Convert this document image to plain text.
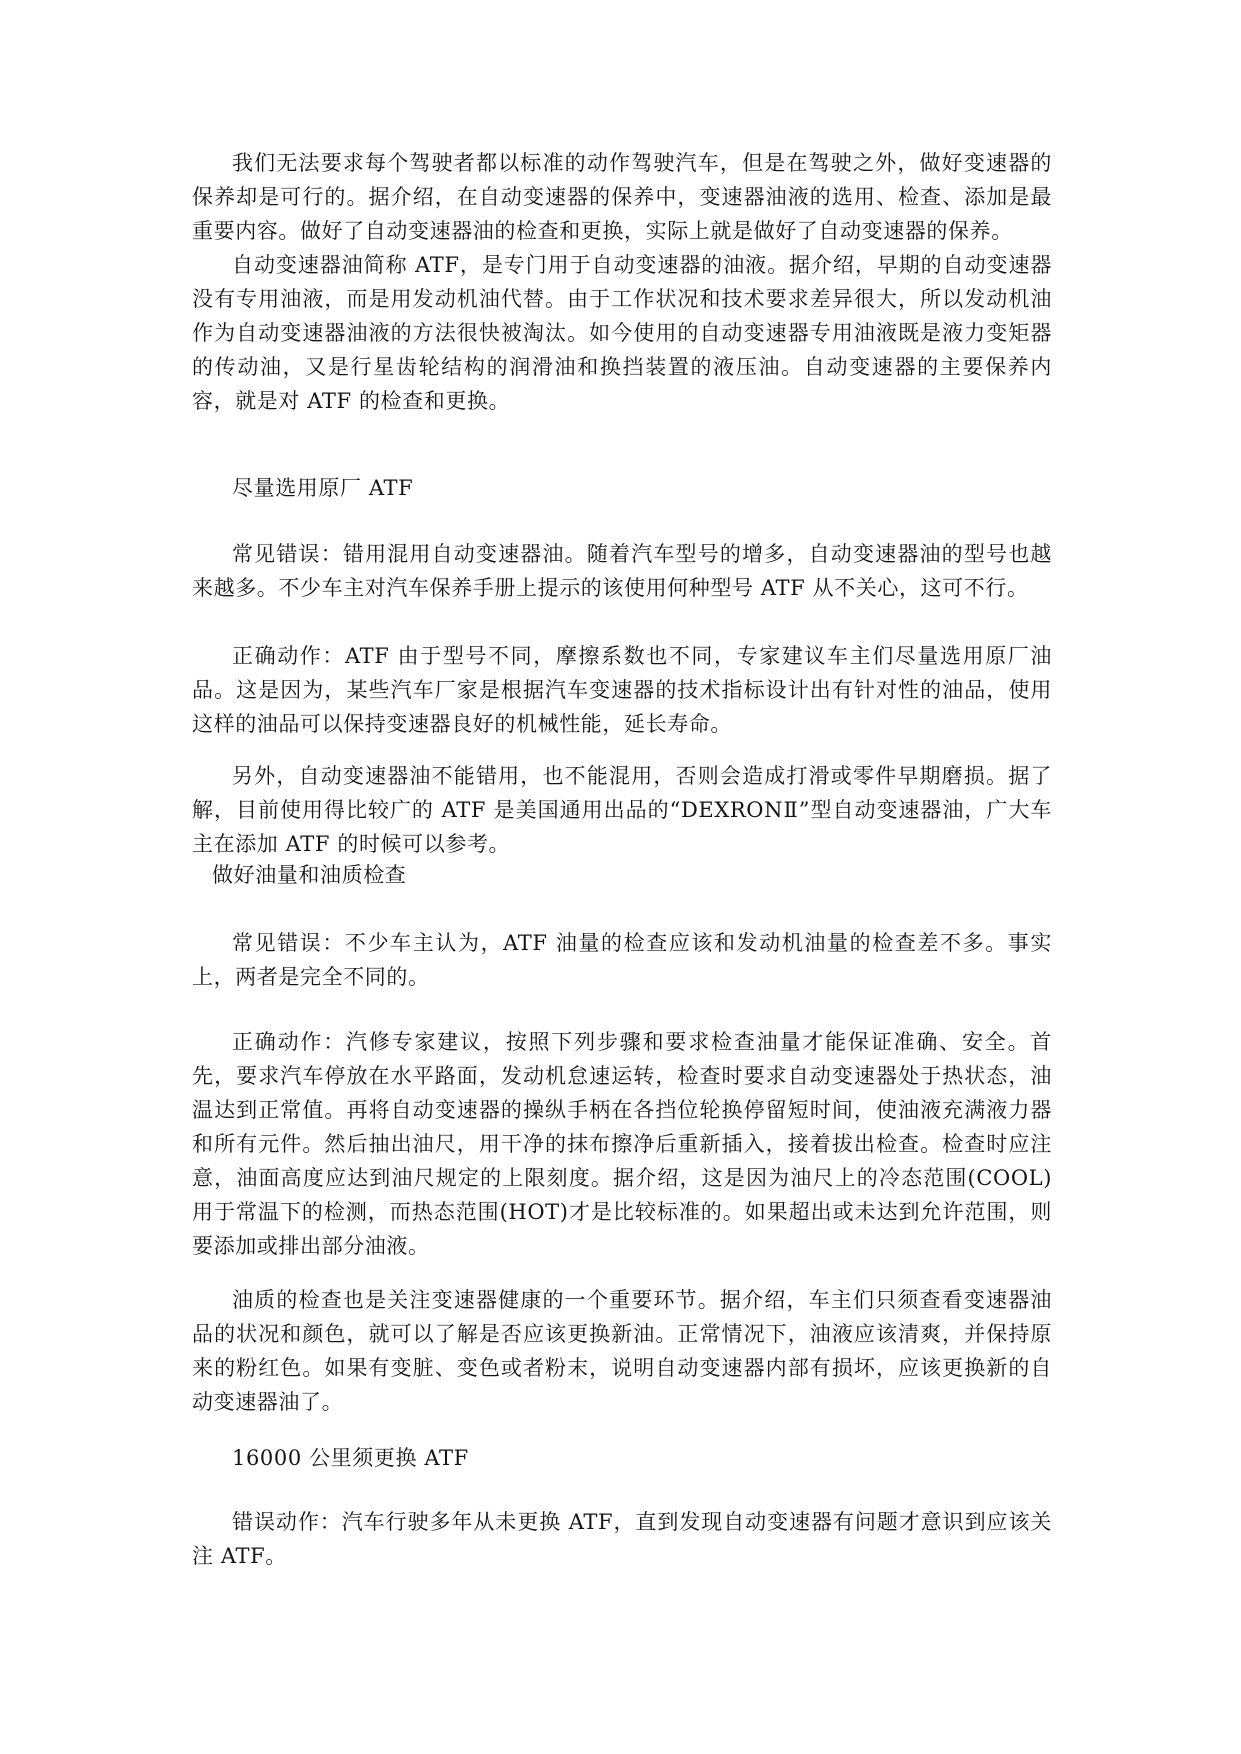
我们无法要求每个驾驶者都以标准的动作驾驶汽车，但是在驾驶之外，做好变速器的保养却是可行的。据介绍，在自动变速器的保养中，变速器油液的选用、检查、添加是最重要内容。做好了自动变速器油的检查和更换，实际上就是做好了自动变速器的保养。

自动变速器油简称 ATF，是专门用于自动变速器的油液。据介绍，早期的自动变速器没有专用油液，而是用发动机油代替。由于工作状况和技术要求差异很大，所以发动机油作为自动变速器油液的方法很快被淘汰。如今使用的自动变速器专用油液既是液力变矩器的传动油，又是行星齿轮结构的润滑油和换挡装置的液压油。自动变速器的主要保养内容，就是对 ATF 的检查和更换。

尽量选用原厂 ATF

常见错误：错用混用自动变速器油。随着汽车型号的增多，自动变速器油的型号也越来越多。不少车主对汽车保养手册上提示的该使用何种型号 ATF 从不关心，这可不行。

正确动作：ATF 由于型号不同，摩擦系数也不同，专家建议车主们尽量选用原厂油品。这是因为，某些汽车厂家是根据汽车变速器的技术指标设计出有针对性的油品，使用这样的油品可以保持变速器良好的机械性能，延长寿命。

另外，自动变速器油不能错用，也不能混用，否则会造成打滑或零件早期磨损。据了解，目前使用得比较广的 ATF 是美国通用出品的“DEXRONⅡ”型自动变速器油，广大车主在添加 ATF 的时候可以参考。

做好油量和油质检查

常见错误：不少车主认为，ATF 油量的检查应该和发动机油量的检查差不多。事实上，两者是完全不同的。

正确动作：汽修专家建议，按照下列步骤和要求检查油量才能保证准确、安全。首先，要求汽车停放在水平路面，发动机怠速运转，检查时要求自动变速器处于热状态，油温达到正常值。再将自动变速器的操纵手柄在各挡位轮换停留短时间，使油液充满液力器和所有元件。然后抽出油尺，用干净的抹布擦净后重新插入，接着拔出检查。检查时应注意，油面高度应达到油尺规定的上限刻度。据介绍，这是因为油尺上的冷态范围(COOL)用于常温下的检测，而热态范围(HOT)才是比较标准的。如果超出或未达到允许范围，则要添加或排出部分油液。

油质的检查也是关注变速器健康的一个重要环节。据介绍，车主们只须查看变速器油品的状况和颜色，就可以了解是否应该更换新油。正常情况下，油液应该清爽，并保持原来的粉红色。如果有变脏、变色或者粉末，说明自动变速器内部有损坏，应该更换新的自动变速器油了。

16000 公里须更换 ATF

错误动作：汽车行驶多年从未更换 ATF，直到发现自动变速器有问题才意识到应该关注 ATF。
